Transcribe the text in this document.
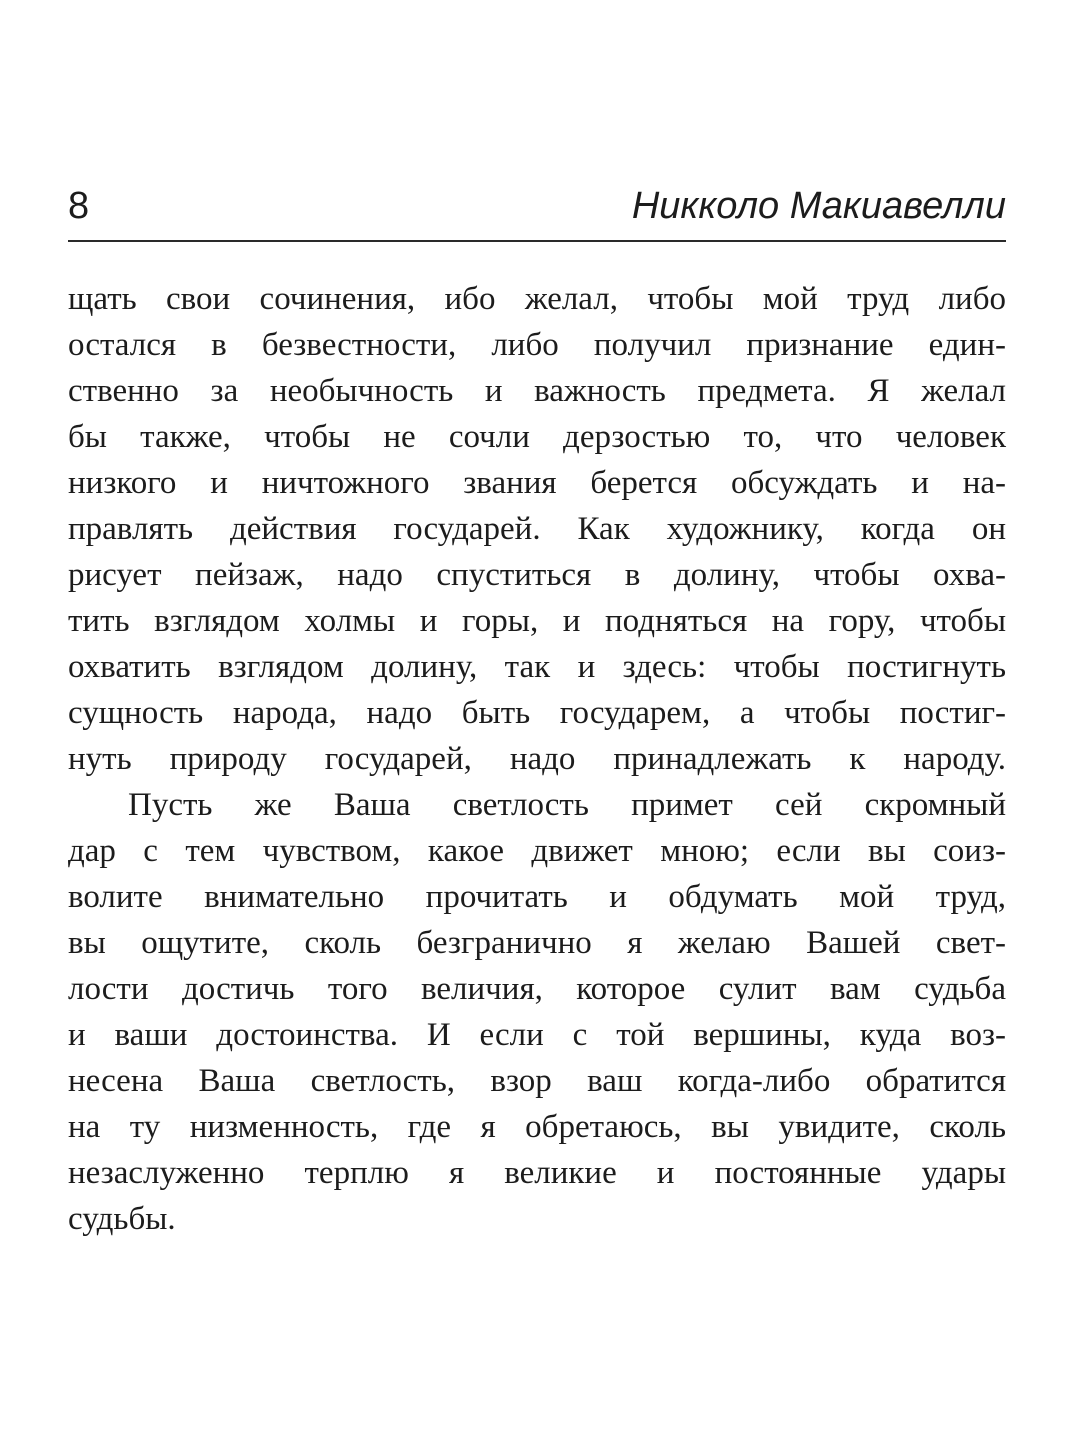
8	Никколо Макиавелли
щать свои сочинения, ибо желал, чтобы мой труд либо
остался в безвестности, либо получил признание един-
ственно за необычность и важность предмета. Я желал
бы также, чтобы не сочли дерзостью то, что человек
низкого и ничтожного звания берется обсуждать и на-
правлять действия государей. Как художнику, когда он
рисует пейзаж, надо спуститься в долину, чтобы охва-
тить взглядом холмы и горы, и подняться на гору, чтобы
охватить взглядом долину, так и здесь: чтобы постигнуть
сущность народа, надо быть государем, а чтобы постиг-
нуть природу государей, надо принадлежать к народу.
Пусть же Ваша светлость примет сей скромный
дар с тем чувством, какое движет мною; если вы соиз-
волите внимательно прочитать и обдумать мой труд,
вы ощутите, сколь безгранично я желаю Вашей свет-
лости достичь того величия, которое сулит вам судьба
и ваши достоинства. И если с той вершины, куда воз-
несена Ваша светлость, взор ваш когда-либо обратится
на ту низменность, где я обретаюсь, вы увидите, сколь
незаслуженно терплю я великие и постоянные удары
судьбы.
